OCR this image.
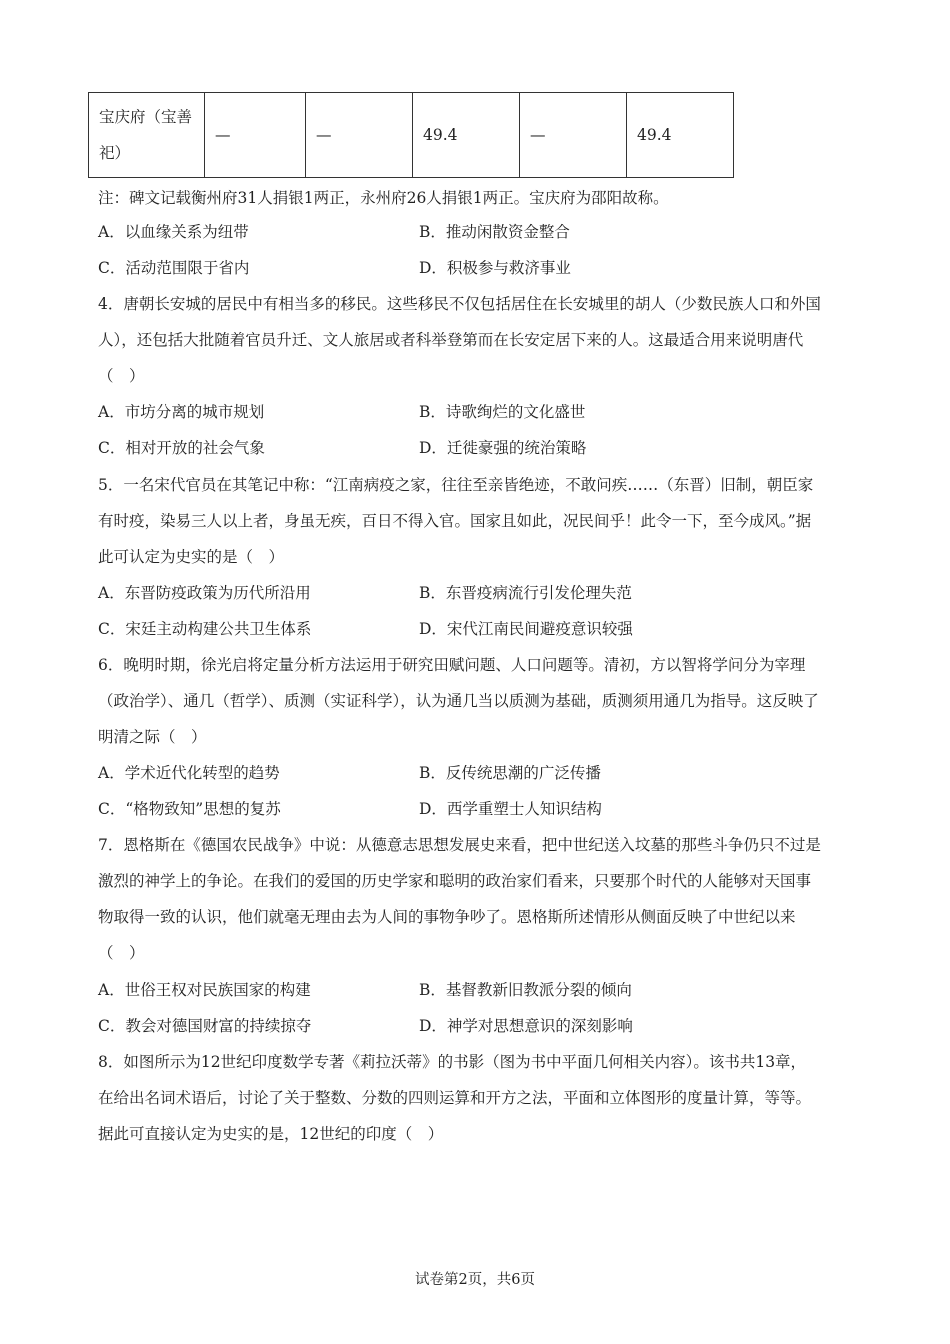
宝庆府（宝善祀）	—	—	49.4	—	49.4
注：碑文记载衡州府31人捐银1两正，永州府26人捐银1两正。宝庆府为邵阳故称。
A．以血缘关系为纽带	B．推动闲散资金整合
C．活动范围限于省内	D．积极参与救济事业
4．唐朝长安城的居民中有相当多的移民。这些移民不仅包括居住在长安城里的胡人（少数民族人口和外国
人），还包括大批随着官员升迁、文人旅居或者科举登第而在长安定居下来的人。这最适合用来说明唐代
（　）
A．市坊分离的城市规划	B．诗歌绚烂的文化盛世
C．相对开放的社会气象	D．迁徙豪强的统治策略
5．一名宋代官员在其笔记中称：“江南病疫之家，往往至亲皆绝迹，不敢问疾……（东晋）旧制，朝臣家
有时疫，染易三人以上者，身虽无疾，百日不得入官。国家且如此，况民间乎！此令一下，至今成风。”据
此可认定为史实的是（　）
A．东晋防疫政策为历代所沿用	B．东晋疫病流行引发伦理失范
C．宋廷主动构建公共卫生体系	D．宋代江南民间避疫意识较强
6．晚明时期，徐光启将定量分析方法运用于研究田赋问题、人口问题等。清初，方以智将学问分为宰理
（政治学）、通几（哲学）、质测（实证科学），认为通几当以质测为基础，质测须用通几为指导。这反映了
明清之际（　）
A．学术近代化转型的趋势	B．反传统思潮的广泛传播
C．“格物致知”思想的复苏	D．西学重塑士人知识结构
7．恩格斯在《德国农民战争》中说：从德意志思想发展史来看，把中世纪送入坟墓的那些斗争仍只不过是
激烈的神学上的争论。在我们的爱国的历史学家和聪明的政治家们看来，只要那个时代的人能够对天国事
物取得一致的认识，他们就毫无理由去为人间的事物争吵了。恩格斯所述情形从侧面反映了中世纪以来
（　）
A．世俗王权对民族国家的构建	B．基督教新旧教派分裂的倾向
C．教会对德国财富的持续掠夺	D．神学对思想意识的深刻影响
8．如图所示为12世纪印度数学专著《莉拉沃蒂》的书影（图为书中平面几何相关内容）。该书共13章，
在给出名词术语后，讨论了关于整数、分数的四则运算和开方之法，平面和立体图形的度量计算，等等。
据此可直接认定为史实的是，12世纪的印度（　）
试卷第2页，共6页
